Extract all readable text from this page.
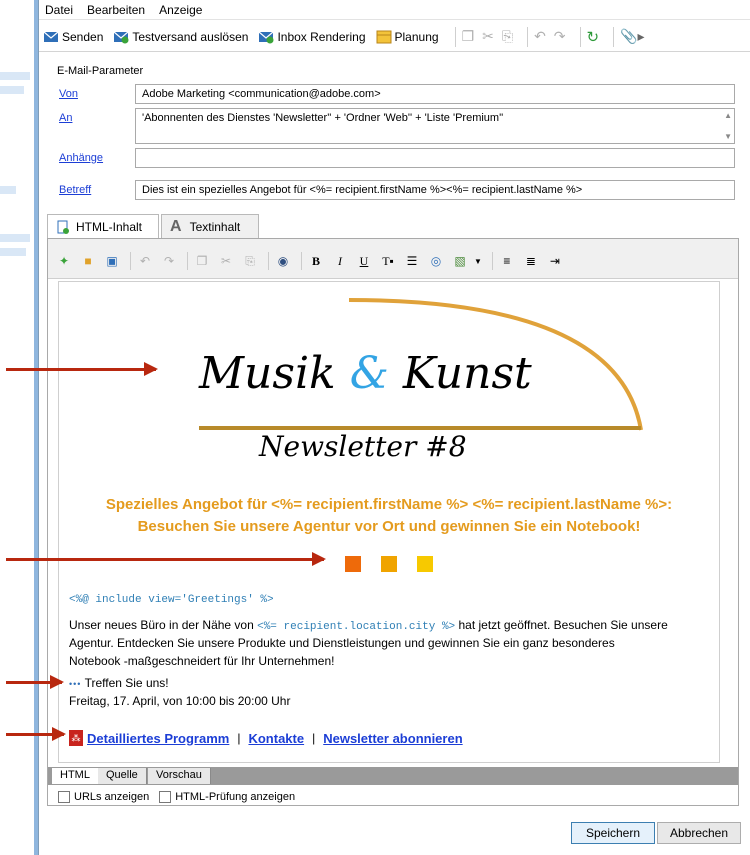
Datei Bearbeiten Anzeige
Senden Testversand auslösen Inbox Rendering Planung ❐ ✂ ⎘ ↶ ↷ ↻ 📎▸
E-Mail-Parameter
Von	Adobe Marketing <communication@adobe.com>
An	'Abonnenten des Dienstes 'Newsletter'' + 'Ordner 'Web'' + 'Liste 'Premium''	▲
▼
Anhänge
Betreff	Dies ist ein spezielles Angebot für <%= recipient.firstName %><%= recipient.lastName %>
HTML-Inhalt A Textinhalt
✦	■	▣	↶	↷	❐	✂	⎘	◉	B	I	U	T▪	☰	◎	▧	▼	≡	≣	⇥
Musik & Kunst
Newsletter #8
Spezielles Angebot für <%= recipient.firstName %> <%= recipient.lastName %>:
Besuchen Sie unsere Agentur vor Ort und gewinnen Sie ein Notebook!
<%@ include view='Greetings' %>
Unser neues Büro in der Nähe von <%= recipient.location.city %> hat jetzt geöffnet. Besuchen Sie unsere
Agentur. Entdecken Sie unsere Produkte und Dienstleistungen und gewinnen Sie ein ganz besonderes
Notebook -maßgeschneidert für Ihr Unternehmen!
••• Treffen Sie uns!
Freitag, 17. April, von 10:00 bis 20:00 Uhr
⁂ Detailliertes Programm | Kontakte | Newsletter abonnieren
HTML	Quelle	Vorschau
URLs anzeigen HTML-Prüfung anzeigen
Speichern	Abbrechen
